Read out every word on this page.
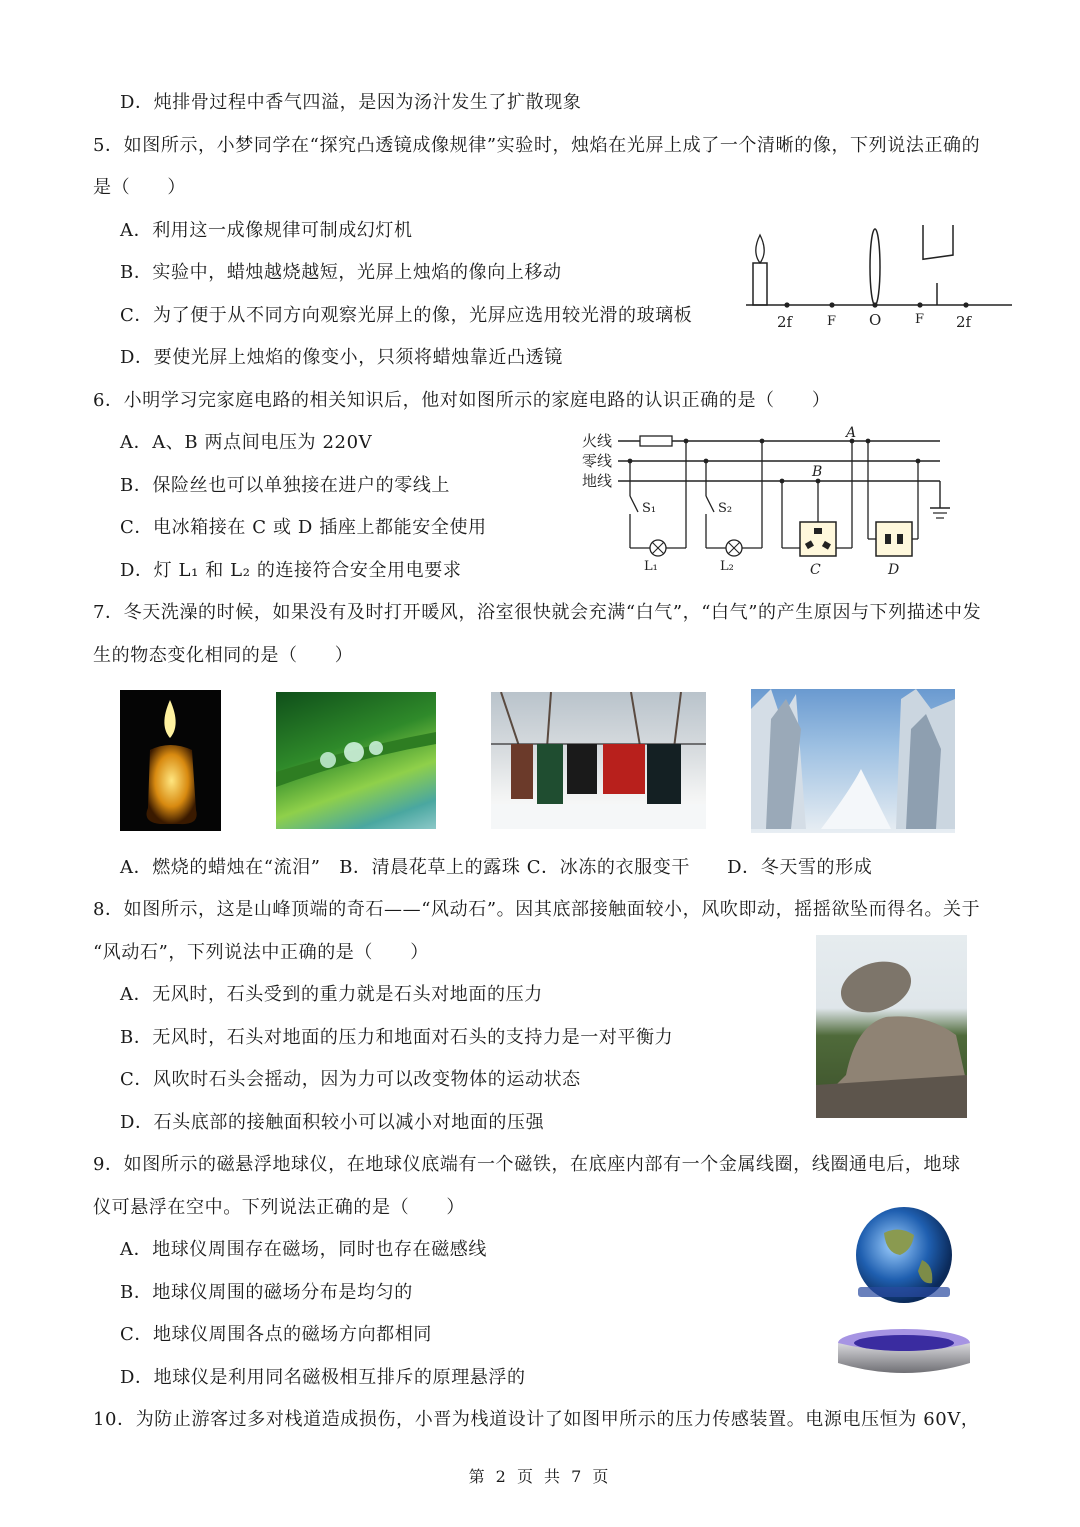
D．炖排骨过程中香气四溢，是因为汤汁发生了扩散现象
5．如图所示，小梦同学在“探究凸透镜成像规律”实验时，烛焰在光屏上成了一个清晰的像，下列说法正确的
是（　　）
A．利用这一成像规律可制成幻灯机
B．实验中，蜡烛越烧越短，光屏上烛焰的像向上移动
C．为了便于从不同方向观察光屏上的像，光屏应选用较光滑的玻璃板
D．要使光屏上烛焰的像变小，只须将蜡烛靠近凸透镜
6．小明学习完家庭电路的相关知识后，他对如图所示的家庭电路的认识正确的是（　　）
A．A、B 两点间电压为 220V
B．保险丝也可以单独接在进户的零线上
C．电冰箱接在 C 或 D 插座上都能安全使用
D．灯 L₁ 和 L₂ 的连接符合安全用电要求
7．冬天洗澡的时候，如果没有及时打开暖风，浴室很快就会充满“白气”，“白气”的产生原因与下列描述中发
生的物态变化相同的是（　　）
A．燃烧的蜡烛在“流泪”　B．清晨花草上的露珠 C．冰冻的衣服变干　　D．冬天雪的形成
8．如图所示，这是山峰顶端的奇石——“风动石”。因其底部接触面较小，风吹即动，摇摇欲坠而得名。关于
“风动石”，下列说法中正确的是（　　）
A．无风时，石头受到的重力就是石头对地面的压力
B．无风时，石头对地面的压力和地面对石头的支持力是一对平衡力
C．风吹时石头会摇动，因为力可以改变物体的运动状态
D．石头底部的接触面积较小可以减小对地面的压强
9．如图所示的磁悬浮地球仪，在地球仪底端有一个磁铁，在底座内部有一个金属线圈，线圈通电后，地球
仪可悬浮在空中。下列说法正确的是（　　）
A．地球仪周围存在磁场，同时也存在磁感线
B．地球仪周围的磁场分布是均匀的
C．地球仪周围各点的磁场方向都相同
D．地球仪是利用同名磁极相互排斥的原理悬浮的
10．为防止游客过多对栈道造成损伤，小晋为栈道设计了如图甲所示的压力传感装置。电源电压恒为 60V，
2f	F O	F 2f
火线
零线
地线
S₁
L₁
S₂
L₂
B
A
C	D
第 2 页 共 7 页
